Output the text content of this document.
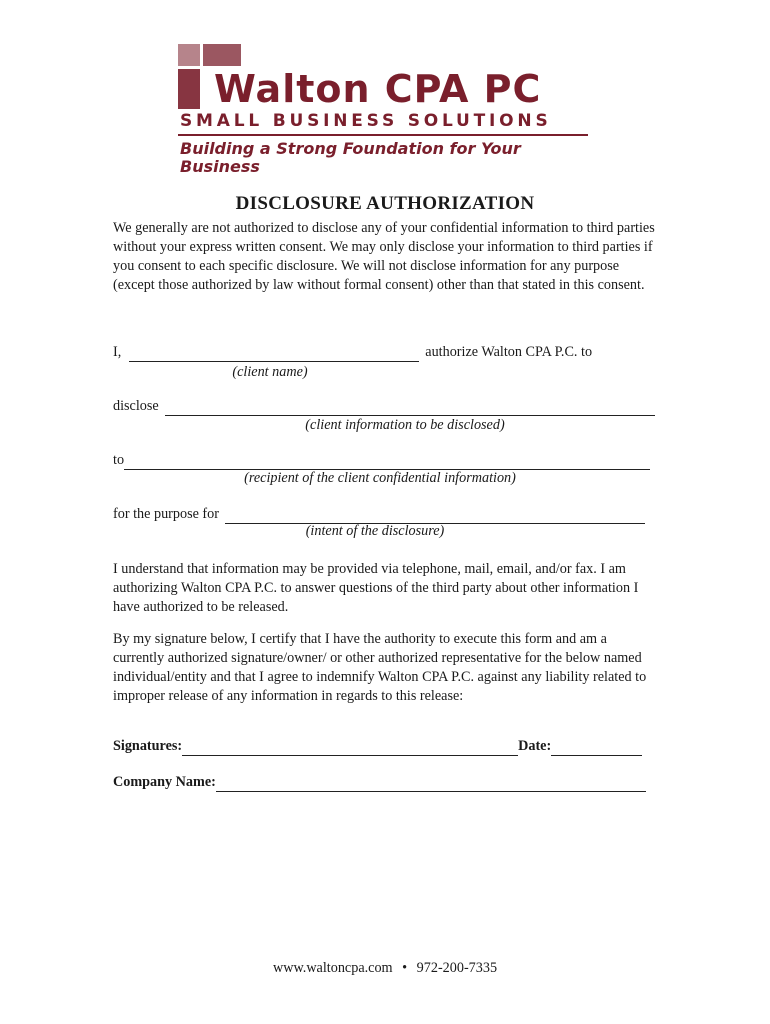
Walton CPA PC

SMALL BUSINESS SOLUTIONS

Building a Strong Foundation for Your Business

DISCLOSURE AUTHORIZATION

We generally are not authorized to disclose any of your confidential information to third parties without your express written consent. We may only disclose your information to third parties if you consent to each specific disclosure. We will not disclose information for any purpose (except those authorized by law without formal consent) other than that stated in this consent.

I,	authorize Walton CPA P.C. to

(client name)

disclose

(client information to be disclosed)

to

(recipient of the client confidential information)

for the purpose for

(intent of the disclosure)

I understand that information may be provided via telephone, mail, email, and/or fax. I am authorizing Walton CPA P.C. to answer questions of the third party about other information I have authorized to be released.

By my signature below, I certify that I have the authority to execute this form and am a currently authorized signature/owner/ or other authorized representative for the below named individual/entity and that I agree to indemnify Walton CPA P.C. against any liability related to improper release of any information in regards to this release:

Signatures:	Date:
Company Name:

www.waltoncpa.com • 972-200-7335
